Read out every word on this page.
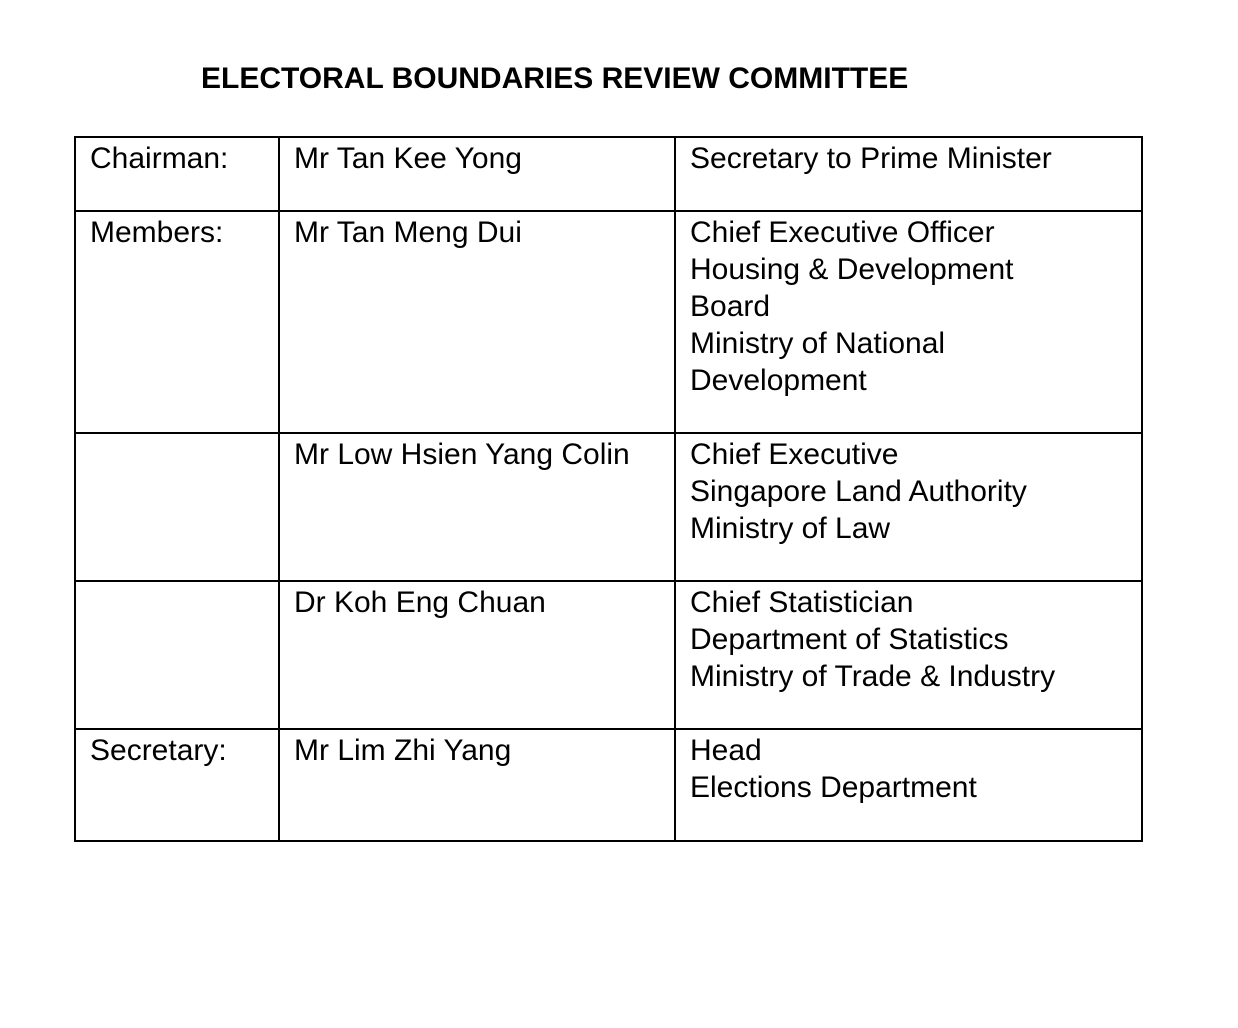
ELECTORAL BOUNDARIES REVIEW COMMITTEE
Chairman:	Mr Tan Kee Yong	Secretary to Prime Minister

Members:	Mr Tan Meng Dui	Chief Executive Officer
Housing & Development
Board
Ministry of National
Development

	Mr Low Hsien Yang Colin	Chief Executive
Singapore Land Authority
Ministry of Law

	Dr Koh Eng Chuan	Chief Statistician
Department of Statistics
Ministry of Trade & Industry

Secretary:	Mr Lim Zhi Yang	Head
Elections Department
